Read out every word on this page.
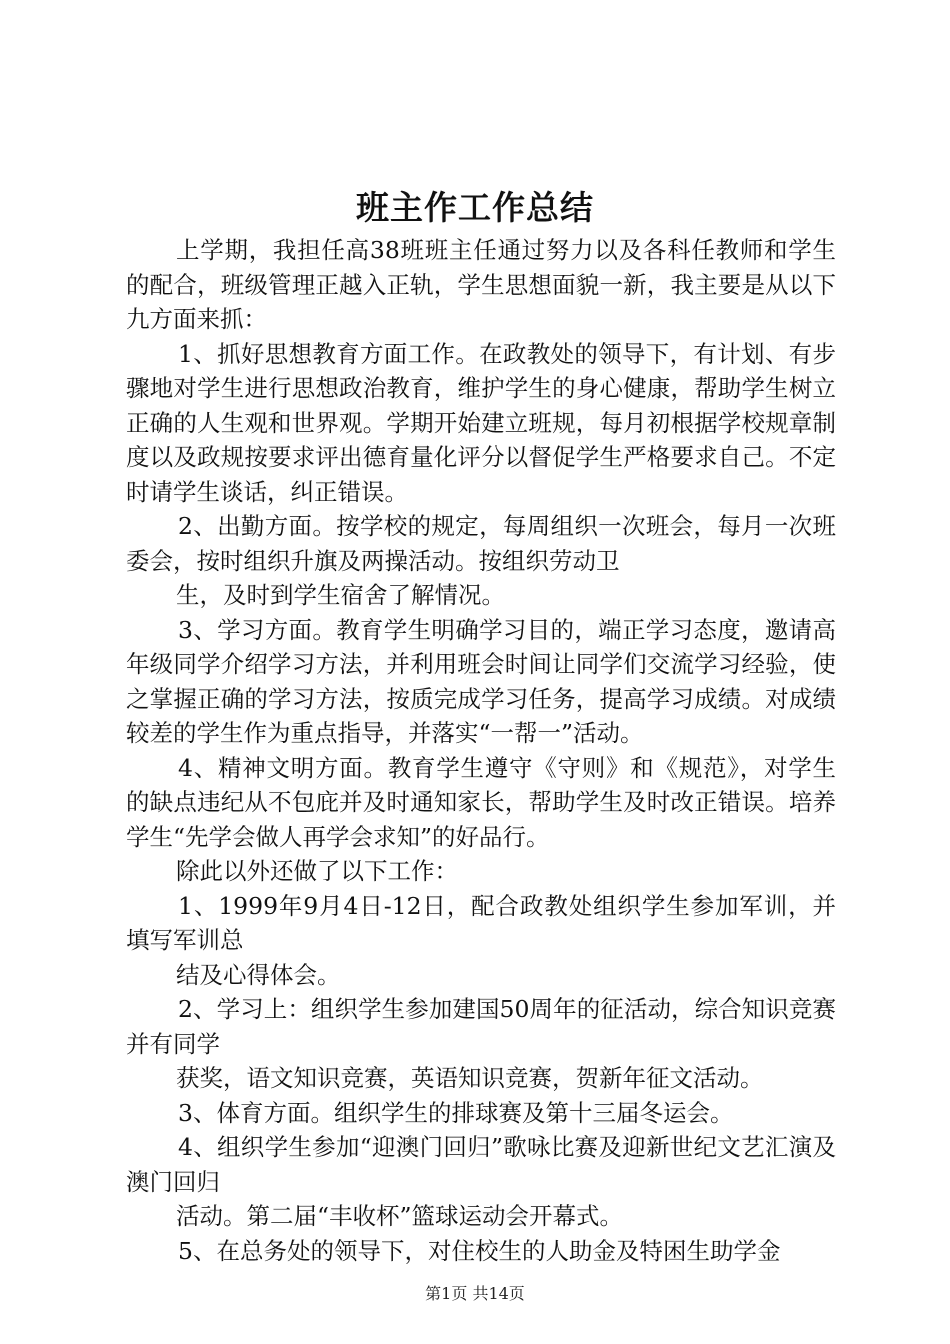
班主作工作总结

上学期，我担任高38班班主任通过努力以及各科任教师和学生的配合，班级管理正越入正轨，学生思想面貌一新，我主要是从以下九方面来抓：

1、抓好思想教育方面工作。在政教处的领导下，有计划、有步骤地对学生进行思想政治教育，维护学生的身心健康，帮助学生树立正确的人生观和世界观。学期开始建立班规，每月初根据学校规章制度以及政规按要求评出德育量化评分以督促学生严格要求自己。不定时请学生谈话，纠正错误。

2、出勤方面。按学校的规定，每周组织一次班会，每月一次班委会，按时组织升旗及两操活动。按组织劳动卫

生，及时到学生宿舍了解情况。

3、学习方面。教育学生明确学习目的，端正学习态度，邀请高年级同学介绍学习方法，并利用班会时间让同学们交流学习经验，使之掌握正确的学习方法，按质完成学习任务，提高学习成绩。对成绩较差的学生作为重点指导，并落实“一帮一”活动。

4、精神文明方面。教育学生遵守《守则》和《规范》，对学生的缺点违纪从不包庇并及时通知家长，帮助学生及时改正错误。培养学生“先学会做人再学会求知”的好品行。

除此以外还做了以下工作：

1、1999年9月4日-12日，配合政教处组织学生参加军训，并填写军训总

结及心得体会。

2、学习上：组织学生参加建国50周年的征活动，综合知识竞赛并有同学

获奖，语文知识竞赛，英语知识竞赛，贺新年征文活动。

3、体育方面。组织学生的排球赛及第十三届冬运会。

4、组织学生参加“迎澳门回归”歌咏比赛及迎新世纪文艺汇演及澳门回归

活动。第二届“丰收杯”篮球运动会开幕式。

5、在总务处的领导下，对住校生的人助金及特困生助学金

第1页 共14页
